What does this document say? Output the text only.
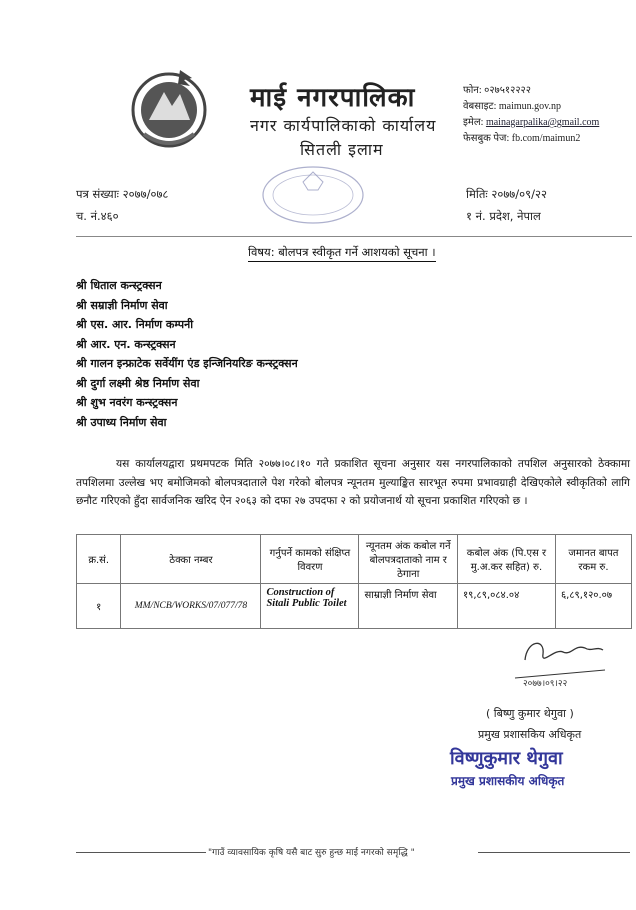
माई नगरपालिका
नगर कार्यपालिकाको कार्यालय
सितली इलाम
फोन: ०२७५१२२२२
वेबसाइट: maimun.gov.np
इमेल: mainagarpalika@gmail.com
फेसबुक पेज: fb.com/maimun2
पत्र संख्याः २०७७/०७८
च. नं.४६०
मितिः २०७७/०९/२२
१ नं. प्रदेश, नेपाल
विषय: बोलपत्र स्वीकृत गर्ने आशयको सूचना ।
श्री धिताल कन्स्ट्रक्सन
श्री सम्राज्ञी निर्माण सेवा
श्री एस. आर. निर्माण कम्पनी
श्री आर. एन. कन्स्ट्रक्सन
श्री गालन इन्फ्राटेक सर्वेयींग एंड इन्जिनियरिङ कन्स्ट्रक्सन
श्री दुर्गा लक्ष्मी श्रेष्ठ निर्माण सेवा
श्री शुभ नवरंग कन्स्ट्रक्सन
श्री उपाध्य निर्माण सेवा
यस कार्यालयद्वारा प्रथमपटक मिति २०७७।०८।१० गते प्रकाशित सूचना अनुसार यस नगरपालिकाको तपशिल अनुसारको ठेक्कामा तपशिलमा उल्लेख भए बमोजिमको बोलपत्रदाताले पेश गरेको बोलपत्र न्यूनतम मुल्याङ्कित सारभूत रुपमा प्रभावग्राही देखिएकोले स्वीकृतिको लागि छनौट गरिएको हुँदा सार्वजनिक खरिद ऐन २०६३ को दफा २७ उपदफा २ को प्रयोजनार्थ यो सूचना प्रकाशित गरिएको छ ।
क्र.सं.	ठेक्का नम्बर	गर्नुपर्ने कामको संक्षिप्त विवरण	न्यूनतम अंक कबोल गर्ने बोलपत्रदाताको नाम र ठेगाना	कबोल अंक (पि.एस र मु.अ.कर सहित) रु.	जमानत बापत रकम रु.
१	MM/NCB/WORKS/07/077/78	Construction of Sitali Public Toilet	साम्राज्ञी निर्माण सेवा	१९,८९,०८४.०४	६,८९,१२०.०७
२०७७।०९।२२
( बिष्णु कुमार थेगुवा )
प्रमुख प्रशासकिय अधिकृत
विष्णुकुमार थेगुवा
प्रमुख प्रशासकीय अधिकृत
"गाउँ व्यावसायिक कृषि यसै बाट सुरु हुन्छ माई नगरको समृद्धि "
